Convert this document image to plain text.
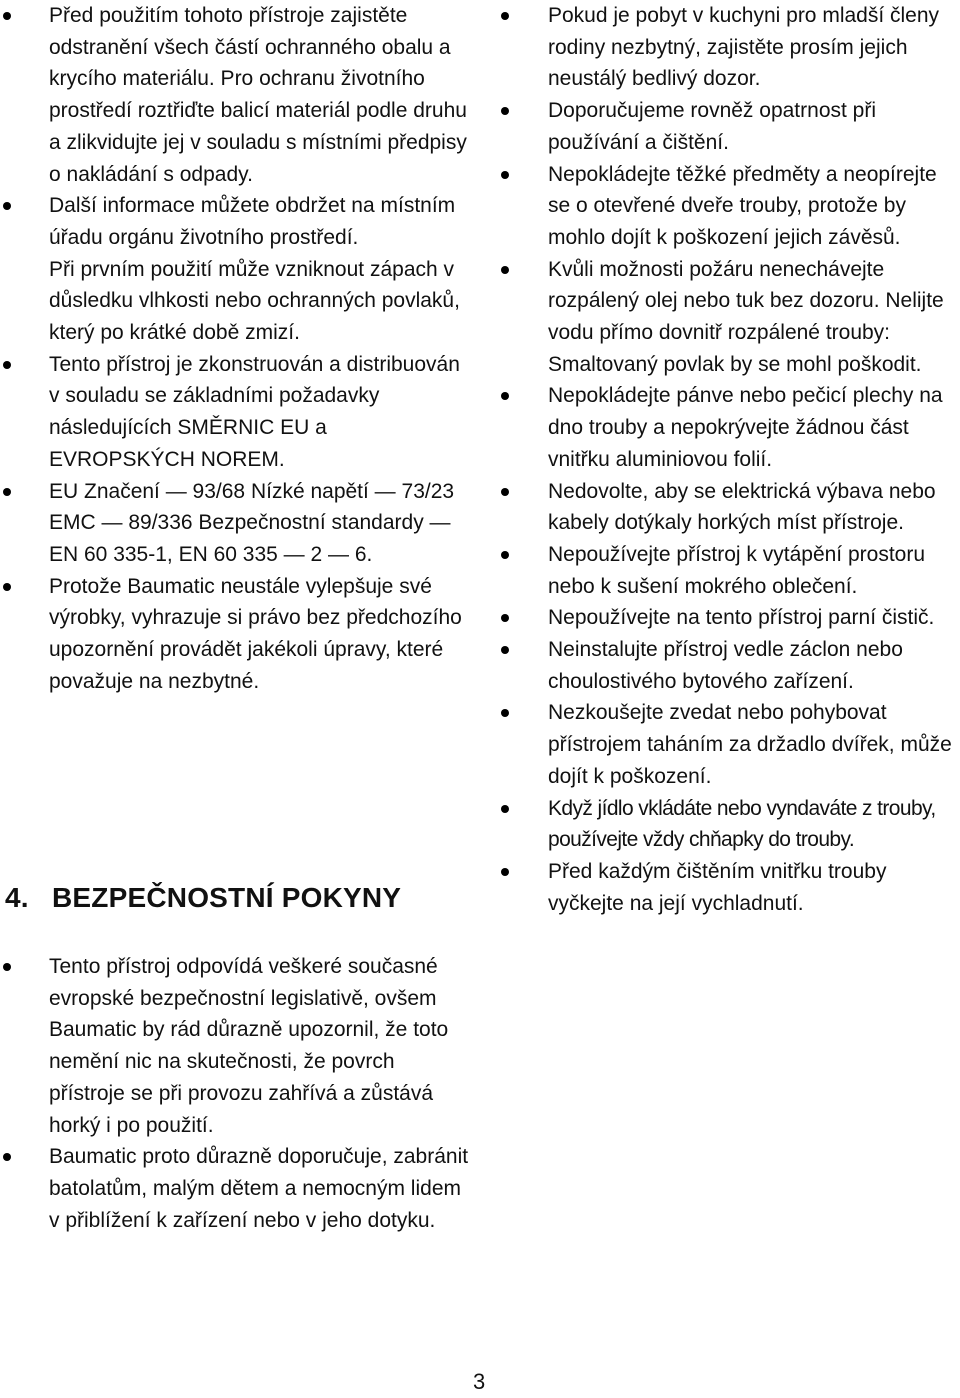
Před použitím tohoto přístroje zajistěte odstranění všech částí ochranného obalu a krycího materiálu. Pro ochranu životního prostředí roztřiďte balicí materiál podle druhu a zlikvidujte jej v souladu s místními předpisy o nakládání s odpady.
Další informace můžete obdržet na místním úřadu orgánu životního prostředí.

Při prvním použití může vzniknout zápach v důsledku vlhkosti nebo ochranných povlaků, který po krátké době zmizí.

Tento přístroj je zkonstruován a distribuován v souladu se základními požadavky následujících SMĚRNIC EU a EVROPSKÝCH NOREM.
EU Značení — 93/68 Nízké napětí — 73/23 EMC — 89/336 Bezpečnostní standardy — EN 60 335-1, EN 60 335 — 2 — 6.
Protože Baumatic neustále vylepšuje své výrobky, vyhrazuje si právo bez předchozího upozornění provádět jakékoli úpravy, které považuje na nezbytné.
4. BEZPEČNOSTNÍ POKYNY
Tento přístroj odpovídá veškeré současné evropské bezpečnostní legislativě, ovšem Baumatic by rád důrazně upozornil, že toto nemění nic na skutečnosti, že povrch přístroje se při provozu zahřívá a zůstává horký i po použití.
Baumatic proto důrazně doporučuje, zabránit batolatům, malým dětem a nemocným lidem v přiblížení k zařízení nebo v jeho dotyku.
Pokud je pobyt v kuchyni pro mladší členy rodiny nezbytný, zajistěte prosím jejich neustálý bedlivý dozor.
Doporučujeme rovněž opatrnost při používání a čištění.
Nepokládejte těžké předměty a neopírejte se o otevřené dveře trouby, protože by mohlo dojít k poškození jejich závěsů.
Kvůli možnosti požáru nenechávejte rozpálený olej nebo tuk bez dozoru. Nelijte vodu přímo dovnitř rozpálené trouby: Smaltovaný povlak by se mohl poškodit.
Nepokládejte pánve nebo pečicí plechy na dno trouby a nepokrývejte žádnou část vnitřku aluminiovou folií.
Nedovolte, aby se elektrická výbava nebo kabely dotýkaly horkých míst přístroje.
Nepoužívejte přístroj k vytápění prostoru nebo k sušení mokrého oblečení.
Nepoužívejte na tento přístroj parní čistič.
Neinstalujte přístroj vedle záclon nebo choulostivého bytového zařízení.
Nezkoušejte zvedat nebo pohybovat přístrojem taháním za držadlo dvířek, může dojít k poškození.
Když jídlo vkládáte nebo vyndaváte z trouby, používejte vždy chňapky do trouby.
Před každým čištěním vnitřku trouby vyčkejte na její vychladnutí.
3
